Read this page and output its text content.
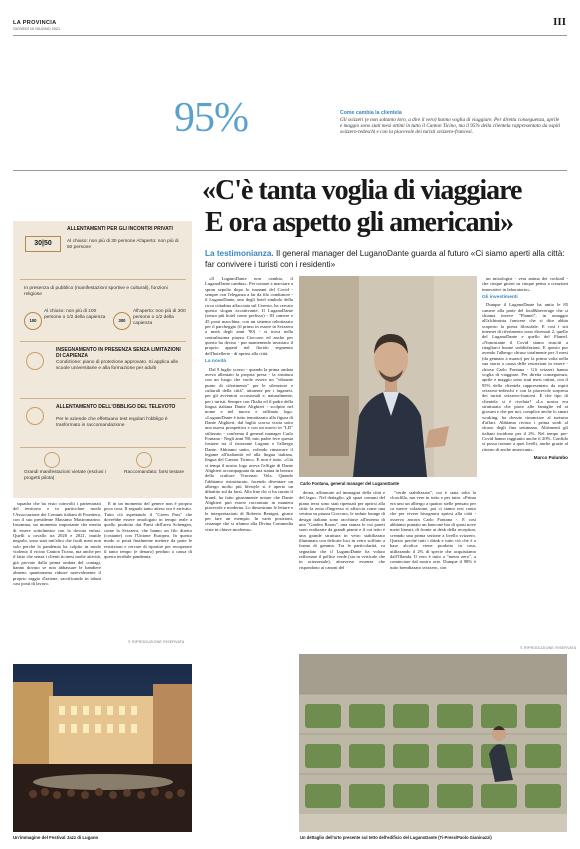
LA PROVINCIA
GIOVEDÌ 10 GIUGNO 2021
III
95%	Come cambia la clientela
Gli svizzeri (e non soltanto loro, a dire il vero) hanno voglia di viaggiare. Per diretta conseguenza, aprile e maggio sono stati mesi ottimi in tutto il Canton Ticino, ma il 95% della clientela rappresentato da ospiti svizzero-tedeschi e con la piacevole dei turisti svizzero-francesi.
«C'è tanta voglia di viaggiare
E ora aspetto gli americani»
La testimonianza. Il general manager del LuganoDante guarda al futuro «Ci siamo aperti alla città: far convivere i turisti con i residenti»
30|50
ALLENTAMENTI PER GLI INCONTRI PRIVATI
Al chiuso: non più di 30 persone Al'aperto: non più di 50 persone
In presenza di pubblico (manifestazioni sportive e culturali), funzioni religiose
100
Al chiuso: non più di 100 persone o 1/2 della capienza
300
All'aperto: non più di 300 persone o 1/2 della capienza
INSEGNAMENTO IN PRESENZA SENZA LIMITAZIONI DI CAPIENZA
Condizione: piano di protezione approvato. Si applica alle scuole universitarie e alla formazione per adulti
ALLENTAMENTO DELL'OBBLIGO DEL TELEVOTO
Per le aziende che effettuano test regolari l'obbligo è trasformato in raccomandazione
Grandi manifestazioni vietate (esclusi i progetti pilota)
Raccomandato: farsi testare

squadra che ha visto coinvolti i partenariati del territorio e in particolare modo l'Associazione dei Comuni italiani di Frontiera, con il suo presidente Massimo Mastromarino. Insomma, un momento importante che merita di essere sottolineato con la dovuta enfasi. Quelli a cavallo tra 2020 e 2021, inutile negarlo, sono stati tutt'altro che facili mesi non solo perché la pandemia ha colpito in modo violento il vicino Canton Ticino, ma anche per il fatto che senza i clienti ticinesi molte attività, già provate dalla prima ondata del contagi, hanno dovuto se non abbassare le bandiere almeno quantomeno ridurre notevolmente il proprio raggio d'azione, sacrificando in taluni casi posti di lavoro.

E in un momento del genere non è proprio poca cosa. Il seguale tanto atteso ora è arrivato. Tutto ciò aspettando il "Green Pass" che dovrebbe essere omologato in tempo reale a quello prodotto dai Paesi dell'area Schengen, come la Svizzera, che hanno un filo diretto (costante) con l'Unione Europea. In questo modo si potrà finalmente mettere da parte le restrizioni e cercare di ripartire per recuperare il tanto tempo (e denaro) perduto a causa di questa terribile pandemia.

© RIPRODUZIONE RISERVATA
Un'immagine del Festival Jazz di Lugano

«Il LuganoDante non cambia, il LuganoDante cambia». Per tornare a marciare a spron sepolto dopo lo tsunami del Covid - sempre con l'eleganza a far da filo conduttore - il LuganoDante, uno degli hotel simbolo della ricca cittadina affacciata sul Ceresio, ha cercato questo slogan accattivante. Il LuganoDante (senza più hotel come prefisso) - 83 camere e 45 posti macchina, con un sistema robotizzato per il parcheggio (il primo in essere in Svizzera a metà degli anni '90) - si trova nella centralissima piazza Cioccaro ed anche per questo ha deciso - pur mantenendo invariato il proprio appeal nel florido segmento dell'hotellerie - di aprirsi alla città.

La novità

Dal 9 luglio scorso - quando la prima ondata aveva allentato la propria presa - la struttura con un luogo che vuole essere un "vibrante punto di riferimento" per le silenziose e culturali della città", attraente per i luganesi, per gli avventori occasionali e, naturalmente, per i turisti. Sempre con l'Italia ed il padre della lingua italiana Dante Alighieri - scolpito nel nome e nel nuovo e raffinato logo. «LuganoDante è tutto tematizzato alla figura di Dante Alighieri, dal luglio scorso visita sotto una nuova prospettiva e con un nuovo in "LD" stilizzato - conferma il general manager Carlo Fontana - Negli anni '80, mio padre fece questa fusione tra il ristorante Lugano e l'albergo Dante. Abbiamo unito, volendo rimarcare il legame all'italianità ed alla lingua italiana, lingua del Canton Ticino». E non è tutto. «Già si tempi il nostro logo aveva l'effigie di Dante Alighieri accompagnata da una statua in bronzo dello scultore Vincenzo Vela. Quando l'abbiamo ristrutturato, facendo diventare un albergo molto più lifestyle si è aperto un dibattito sul da farsi. Alla fine chi ci ha curato il brand, ha fatto giustamente notare che Dante Alighieri può essere raccontato in maniera piacevole e moderna. Lo dimostrano le letture e le interpretazioni di Roberto Benigni, giusto per fare un esempio. In varie posizioni, cistampe che si rifanno alla Divina Commedia viste in chiave moderna».

Carlo Fontana, general manager del LuganoDante

derna, affiancate ad immagini della città e del lago». Nel dettaglio, gli spazi comuni del piano terra sono stati ripensati per aprirsi alla città: la zona d'ingresso si affaccia come una vetrina su piazza Cioccaro, le sedute lounge di design italiano sono racchiuse all'interno di una "Garden Room", una stanza le cui pareti sono realizzate da grandi piante e il cui tetto è una grande struttura in vetro stabilizzato illuminata con delicate luci in vetro soffiato a forma di gemma. Tra le particolarità, va segnalato che il LuganoDante ha voluto raffronare il pollice verde (sia in verticale che in orizzontale), attraverso essenze che rispondono ai canoni del

"verde stabilizzato", cui è stata tolta la clorofilla, ma vere in tutto e per tutto. «Prima era uno un albergo a quattro stelle pensato per ca merce colazione, poi ci siamo resi conto che per vivere bisognava aprirsi alla città - osserva ancora Carlo Fontana -. E così abbiamo puntato un bancone bar di quasi nove metri lineari, di fronte ai desk della reception, creando una prima sezione a livello svizzero. Questo perché tutti i drink e tutto ciò che è a base alcolica viene prodotto in casa, utilizzando il 2% di specie che acquistiamo dall'Olanda. Il vero è tutto a "metro zero", a cominciare dal nostro orto. Dunque il 98% è tutto brendizzato svizzero, con

un mixologist - vera anima dei cocktail - che cinque giorni su cinque pensa a creazioni innovative in laboratorio».

Gli investimenti

Dunque il LuganoDante ha unito le 85 camere alla parte del food&beverage che si chiama invece "Flamel", in omaggio all'alchimista francese che si dice abbia scoperto la pietra filosofale. E così i siti internet di riferimento sono diventati 2, quello del LuganoDante e quello del Flamel. «Nonostante il Covid siamo riusciti a ritagliarci buone soddisfazioni. E questo pur avendo l'albergo chiuso totalmente per 3 mesi (da gennaio a marzo) per la prima volta nella sua storia a causa delle restrizioni in essere - chiosa Carlo Fontana - Gli svizzeri hanno voglia di viaggiare. Per diretta conseguenza, aprile e maggio sono stati mesi ottimi, con il 95% della clientela rappresentato da ospiti svizzero-tedeschi e con la piacevole sorpresa dei turisti svizzero-francesi. E che tipo di clientela si è rivelata? «La nostra era strutturata che piace alle famiglie ed ai giovani e che per noi, complice anche lo smart working, ha dovuto rinunciare al turismo d'affari. Abbiamo rivisto i prima sordi al sforzo degli fina settimana. Altrimenti gli italiani incidono per il 2%. Nel tempo pre-Covid hanno raggiunto anche il 20%. Confido si possa tornare a quei livelli, anche grazie al ritorno di anche americani».

Marco Palumbo
© RIPRODUZIONE RISERVATA
Un dettaglio dell'orto presente sul tetto dell'edificio del LuganoDante (Ti-Press/Paolo Gianinazzi)
